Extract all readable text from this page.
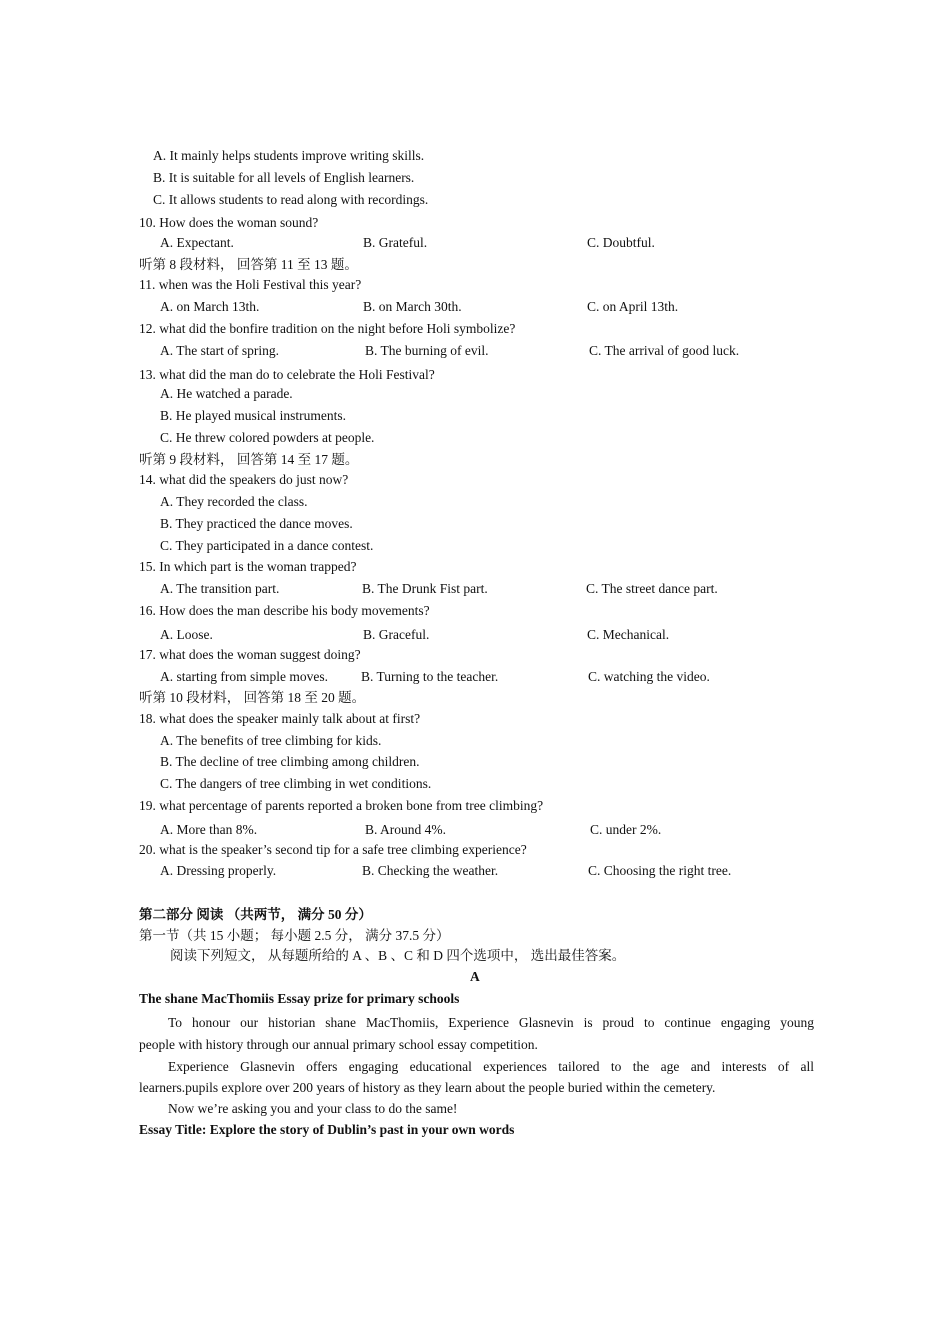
A. It mainly helps students improve writing skills.
B. It is suitable for all levels of English learners.
C. It allows students to read along with recordings.
10. How does the woman sound?
A. Expectant.	B. Grateful.	C. Doubtful.
听第 8 段材料， 回答第 11 至 13 题。
11. when was the Holi Festival this year?
A. on March 13th.	B. on March 30th.	C. on April 13th.
12. what did the bonfire tradition on the night before Holi symbolize?
A. The start of spring.	B. The burning of evil.	C. The arrival of good luck.
13. what did the man do to celebrate the Holi Festival?
A. He watched a parade.
B. He played musical instruments.
C. He threw colored powders at people.
听第 9 段材料， 回答第 14 至 17 题。
14. what did the speakers do just now?
A. They recorded the class.
B. They practiced the dance moves.
C. They participated in a dance contest.
15. In which part is the woman trapped?
A. The transition part.	B. The Drunk Fist part.	C. The street dance part.
16. How does the man describe his body movements?
A. Loose.	B. Graceful.	C. Mechanical.
17. what does the woman suggest doing?
A. starting from simple moves. B. Turning to the teacher.	C. watching the video.
听第 10 段材料， 回答第 18 至 20 题。
18. what does the speaker mainly talk about at first?
A. The benefits of tree climbing for kids.
B. The decline of tree climbing among children.
C. The dangers of tree climbing in wet conditions.
19. what percentage of parents reported a broken bone from tree climbing?
A. More than 8%.	B. Around 4%.	C. under 2%.
20. what is the speaker’s second tip for a safe tree climbing experience?
A. Dressing properly.	B. Checking the weather.	C. Choosing the right tree.
第二部分 阅读 （共两节， 满分 50 分）
第一节（共 15 小题； 每小题 2.5 分， 满分 37.5 分）
阅读下列短文， 从每题所给的 A 、B 、C 和 D 四个选项中， 选出最佳答案。
A
The shane MacThomiis Essay prize for primary schools
To honour our historian shane MacThomiis, Experience Glasnevin is proud to continue engaging young
people with history through our annual primary school essay competition.
Experience Glasnevin offers engaging educational experiences tailored to the age and interests of all
learners.pupils explore over 200 years of history as they learn about the people buried within the cemetery.
Now we’re asking you and your class to do the same!
Essay Title: Explore the story of Dublin’s past in your own words
